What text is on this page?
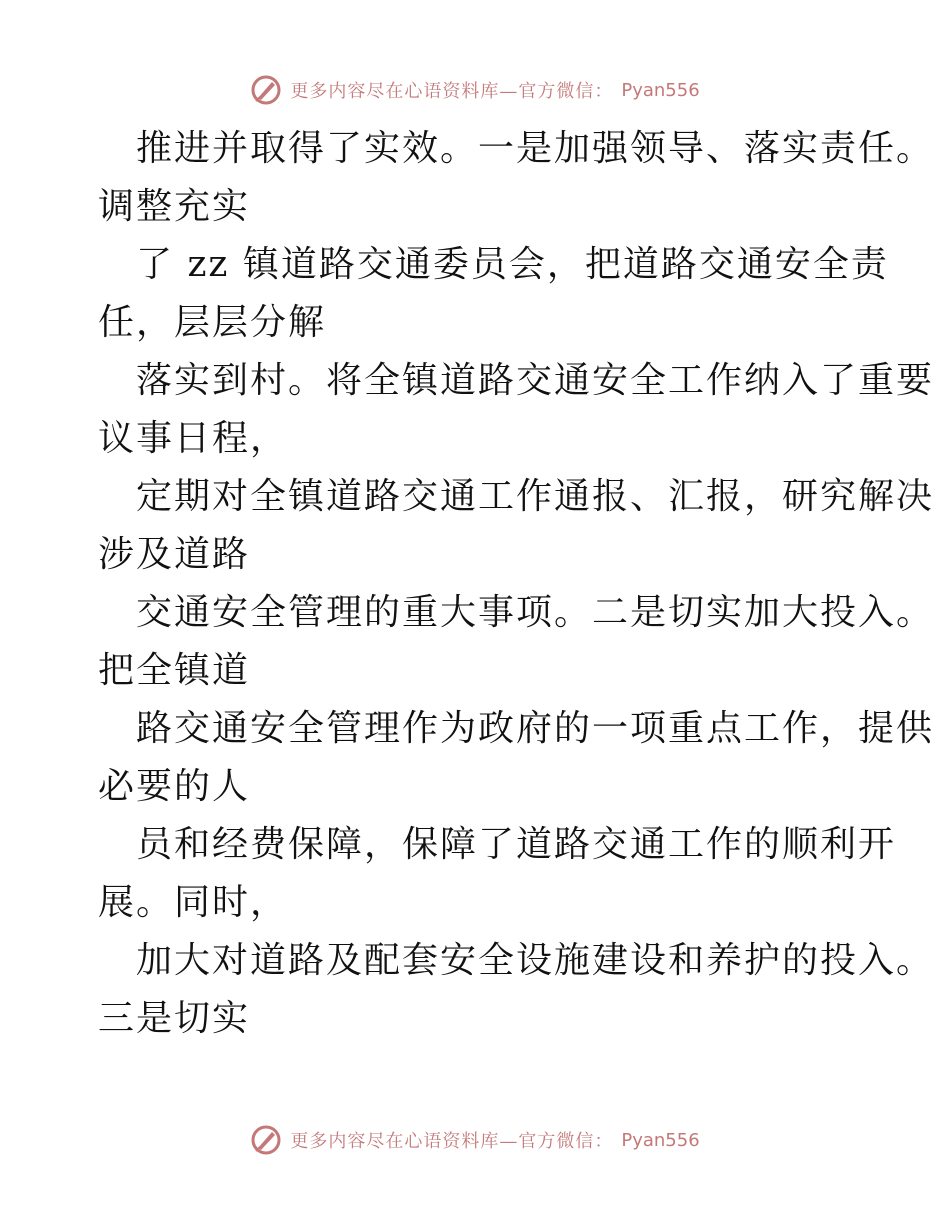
更多内容尽在心语资料库—官方微信： Pyan556
推进并取得了实效。一是加强领导、落实责任。
调整充实
了 zz 镇道路交通委员会，把道路交通安全责
任，层层分解
落实到村。将全镇道路交通安全工作纳入了重要
议事日程，
定期对全镇道路交通工作通报、汇报，研究解决
涉及道路
交通安全管理的重大事项。二是切实加大投入。
把全镇道
路交通安全管理作为政府的一项重点工作，提供
必要的人
员和经费保障，保障了道路交通工作的顺利开
展。同时，
加大对道路及配套安全设施建设和养护的投入。
三是切实
更多内容尽在心语资料库—官方微信： Pyan556
